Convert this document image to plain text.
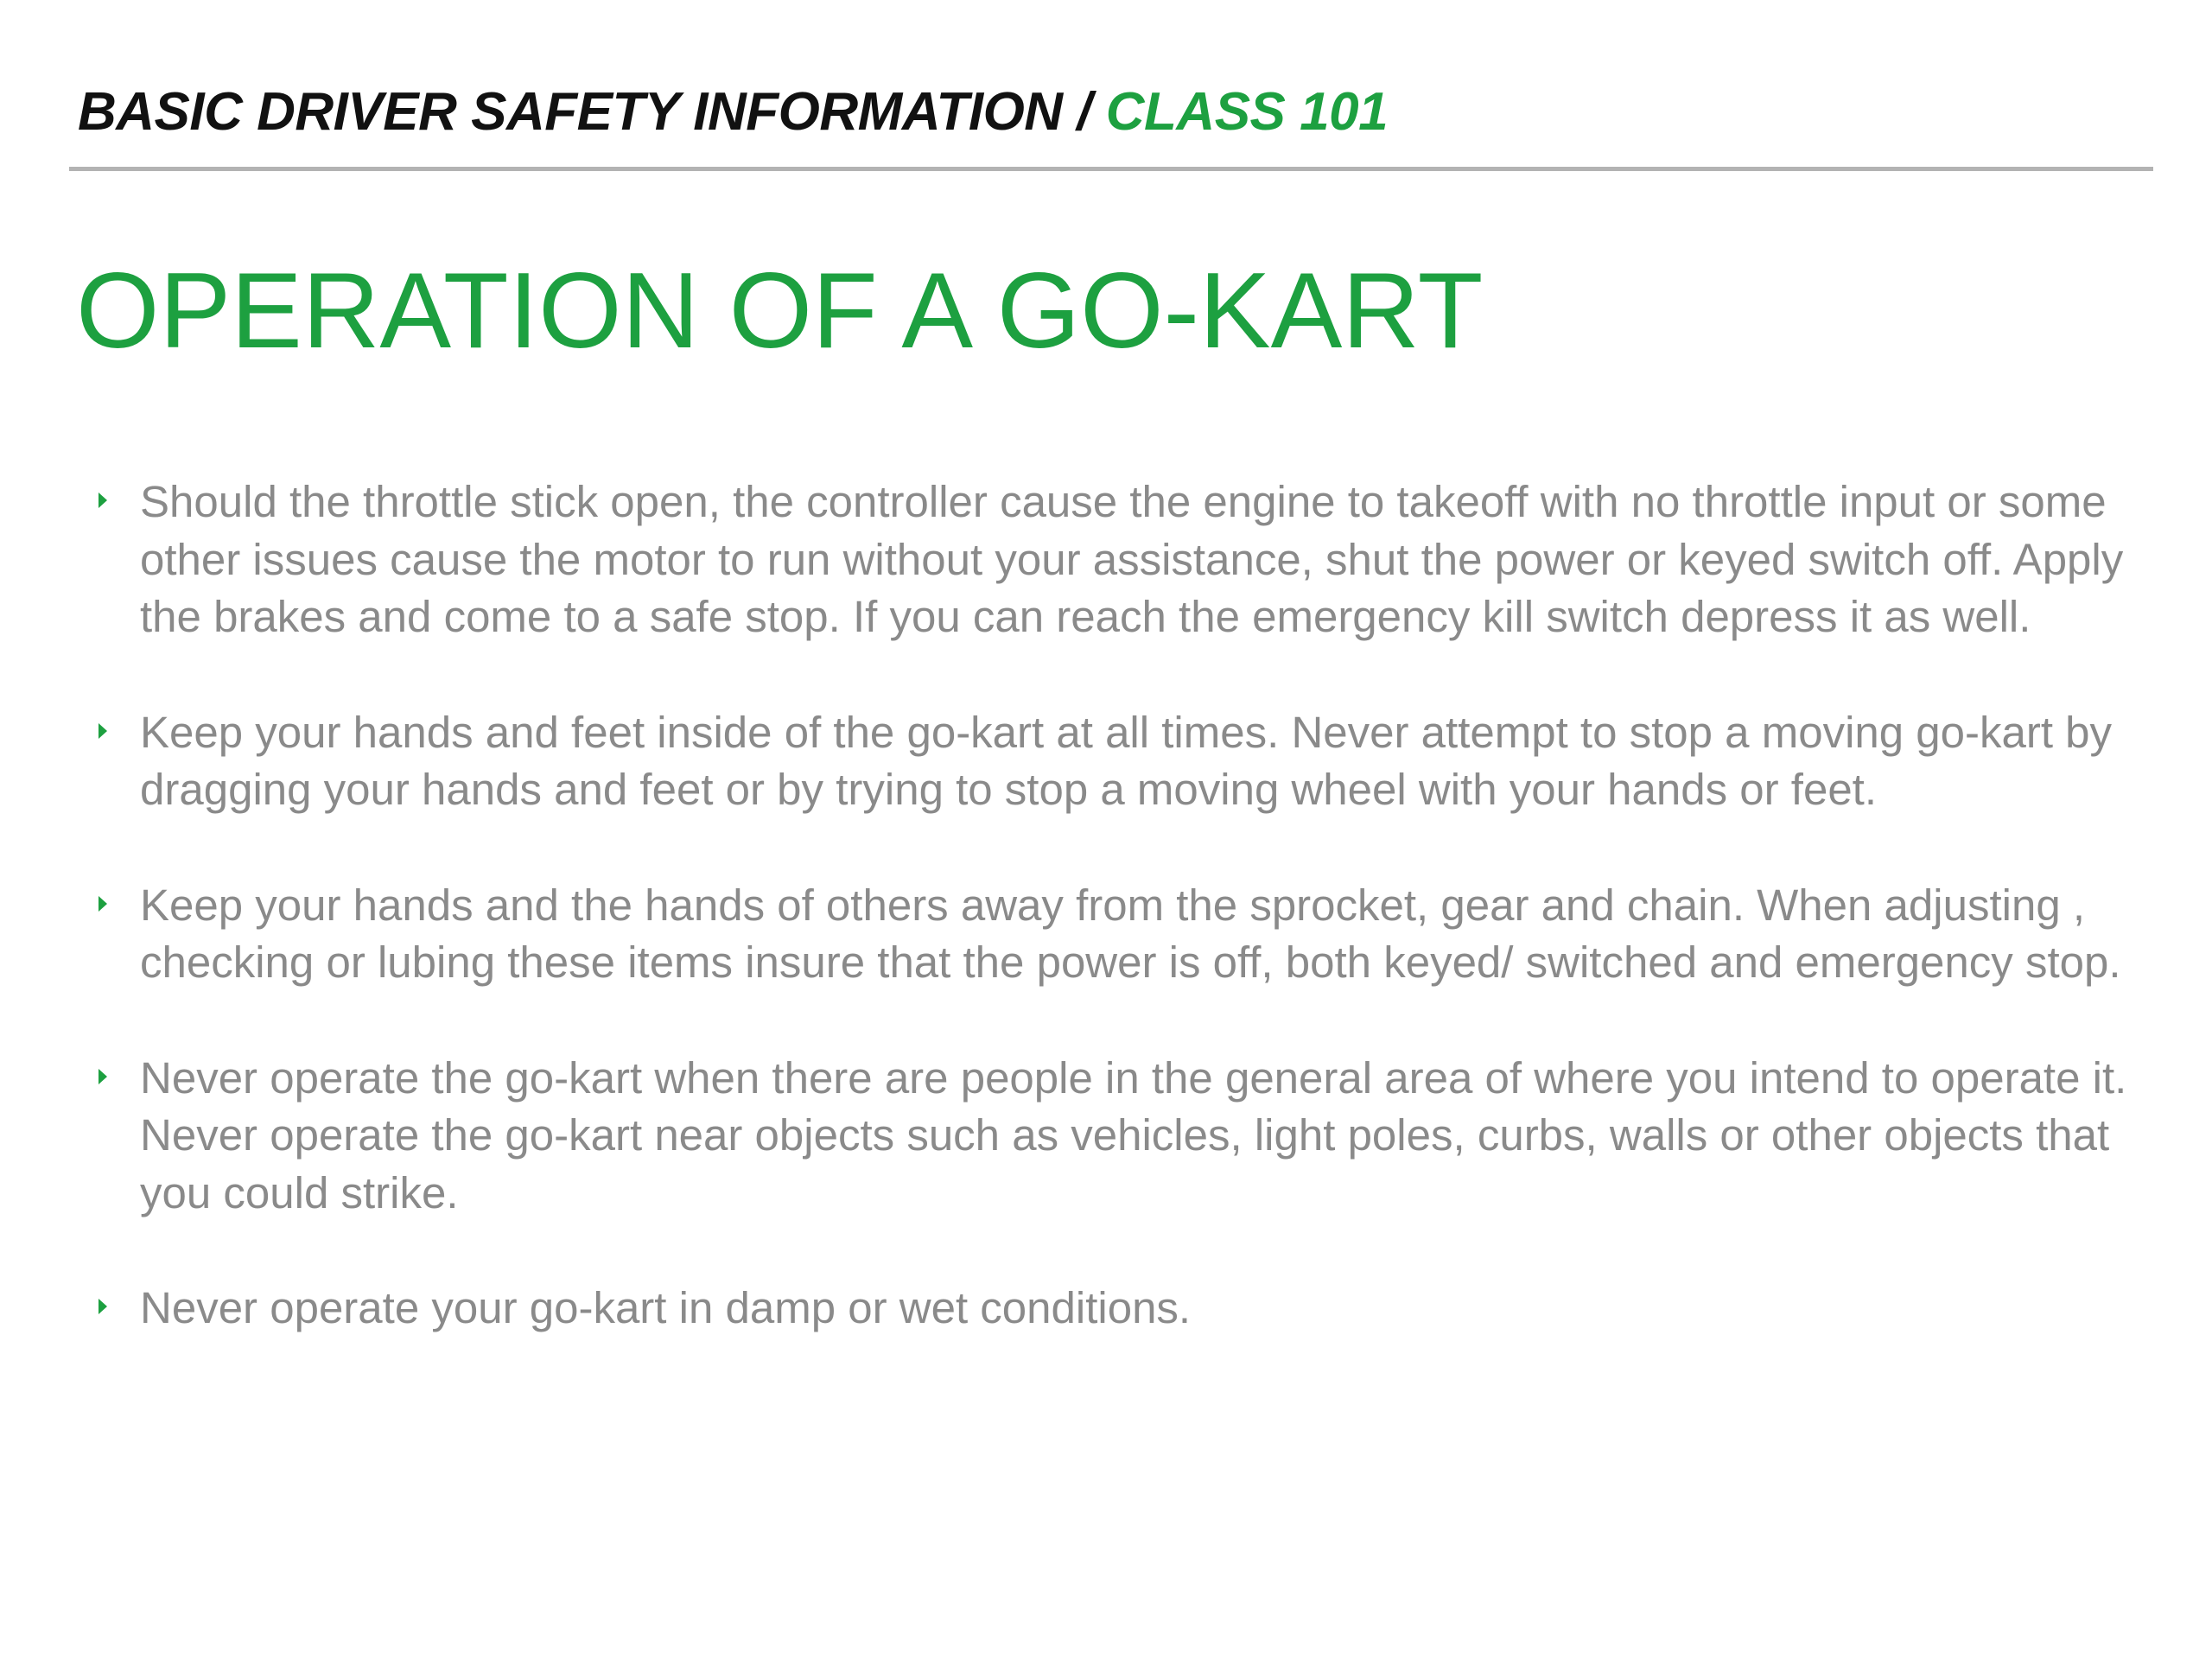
BASIC DRIVER SAFETY INFORMATION / CLASS 101
OPERATION OF A GO-KART
Should the throttle stick open, the controller cause the engine to takeoff with no throttle input or some other issues cause the motor to run without your assistance, shut the power or keyed switch off. Apply the brakes and come to a safe stop. If you can reach the emergency kill switch depress it as well.
Keep your hands and feet inside of the go-kart at all times. Never attempt to stop a moving go-kart by dragging your hands and feet or by trying to stop a moving wheel with your hands or feet.
Keep your hands and the hands of others away from the sprocket, gear and chain. When adjusting , checking or lubing these items insure that the power is off, both keyed/ switched and emergency stop.
Never operate the go-kart when there are people in the general area of where you intend to operate it. Never operate the go-kart near objects such as vehicles, light poles, curbs, walls or other objects that you could strike.
Never operate your go-kart in damp or wet conditions.
